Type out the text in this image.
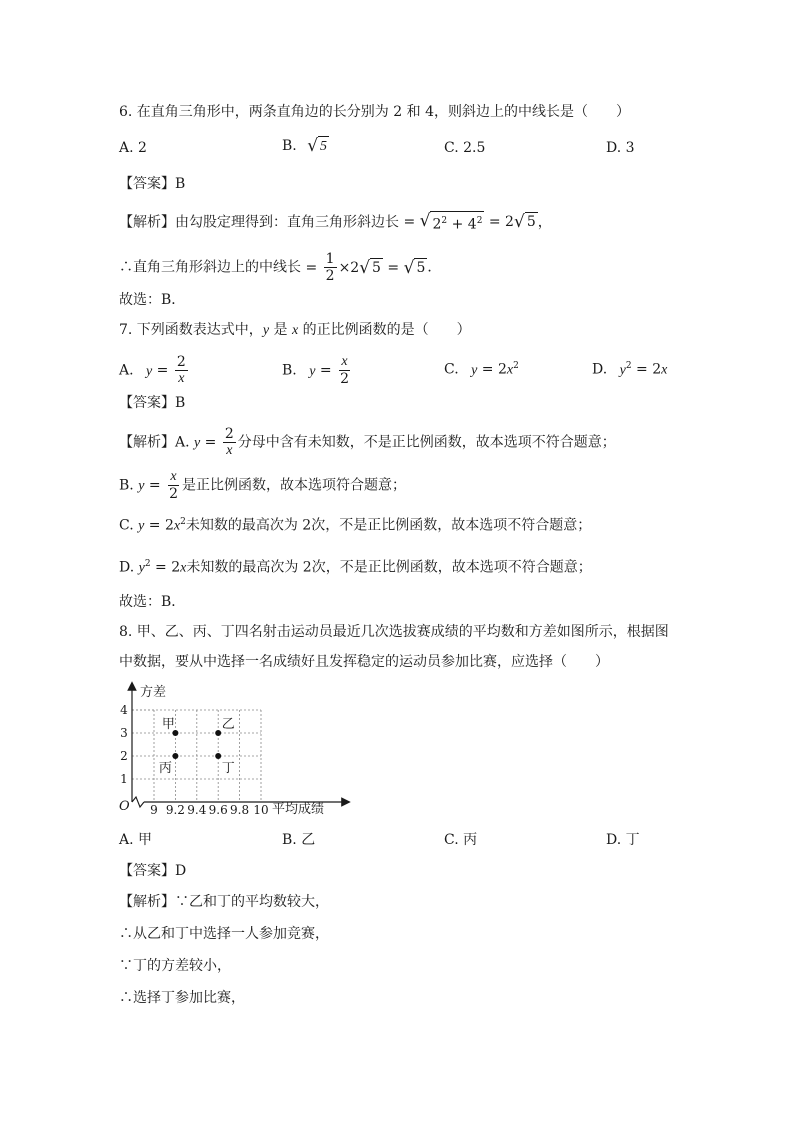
6. 在直角三角形中，两条直角边的长分别为 2 和 4，则斜边上的中线长是（　　）
A. 2	B. √ 5	C. 2.5	D. 3
【答案】B
【解析】由勾股定理得到：直角三角形斜边长 = √ $2^2 + 4^2 = 2$ √ 5 ，
∴直角三角形斜边上的中线长 = $\frac{1}{2} \times 2$ √ 5 = √ 5 ．
故选：B．
7. 下列函数表达式中，y 是 x 的正比例函数的是（　　）
A. $y = \frac{2}{x}$	B. $y = \frac{x}{2}$	C. $y = 2x^2$	D. $y^2 = 2x$
【答案】B
【解析】A. $y = \frac{2}{x}$ 分母中含有未知数，不是正比例函数，故本选项不符合题意；
B. $y = \frac{x}{2}$ 是正比例函数，故本选项符合题意；
C. $y = 2x^2$未知数的最高次为 2次，不是正比例函数，故本选项不符合题意；
D. $y^2 = 2x$未知数的最高次为 2次，不是正比例函数，故本选项不符合题意；
故选：B．
8. 甲、乙、丙、丁四名射击运动员最近几次选拔赛成绩的平均数和方差如图所示，根据图
中数据，要从中选择一名成绩好且发挥稳定的运动员参加比赛，应选择（　　）
9 9.2 9.4 9.6 9.8 10
1
2
3
4
甲	乙
丙	丁
方差
平均成绩
O
A. 甲	B. 乙	C. 丙	D. 丁
【答案】D
【解析】∵乙和丁的平均数较大，
∴从乙和丁中选择一人参加竞赛，
∵丁的方差较小，
∴选择丁参加比赛，
